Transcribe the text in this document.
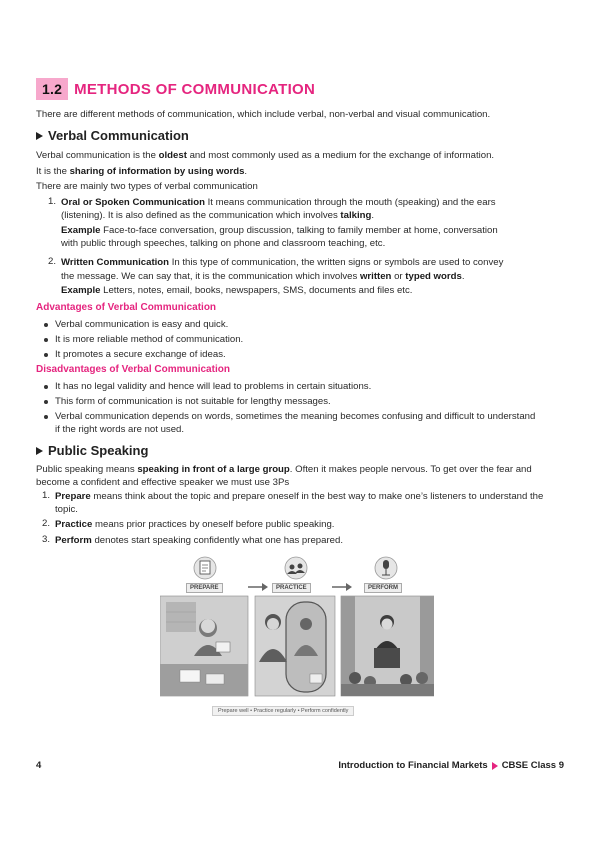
1.2 METHODS OF COMMUNICATION
There are different methods of communication, which include verbal, non-verbal and visual communication.
Verbal Communication
Verbal communication is the oldest and most commonly used as a medium for the exchange of information.
It is the sharing of information by using words.
There are mainly two types of verbal communication
1. Oral or Spoken Communication It means communication through the mouth (speaking) and the ears
(listening). It is also defined as the communication which involves talking.
Example Face-to-face conversation, group discussion, talking to family member at home, conversation
with public through speeches, talking on phone and classroom teaching, etc.
2. Written Communication In this type of communication, the written signs or symbols are used to convey
the message. We can say that, it is the communication which involves written or typed words.
Example Letters, notes, email, books, newspapers, SMS, documents and files etc.
Advantages of Verbal Communication
Verbal communication is easy and quick.
It is more reliable method of communication.
It promotes a secure exchange of ideas.
Disadvantages of Verbal Communication
It has no legal validity and hence will lead to problems in certain situations.
This form of communication is not suitable for lengthy messages.
Verbal communication depends on words, sometimes the meaning becomes confusing and difficult to understand
if the right words are not used.
Public Speaking
Public speaking means speaking in front of a large group. Often it makes people nervous. To get over the fear and
become a confident and effective speaker we must use 3Ps
1. Prepare means think about the topic and prepare oneself in the best way to make one’s listeners to understand the
topic.
2. Practice means prior practices by oneself before public speaking.
3. Perform denotes start speaking confidently what one has prepared.
PREPARE	PRACTICE	PERFORM
Prepare well • Practice regularly • Perform confidently
4	Introduction to Financial Markets CBSE Class 9
